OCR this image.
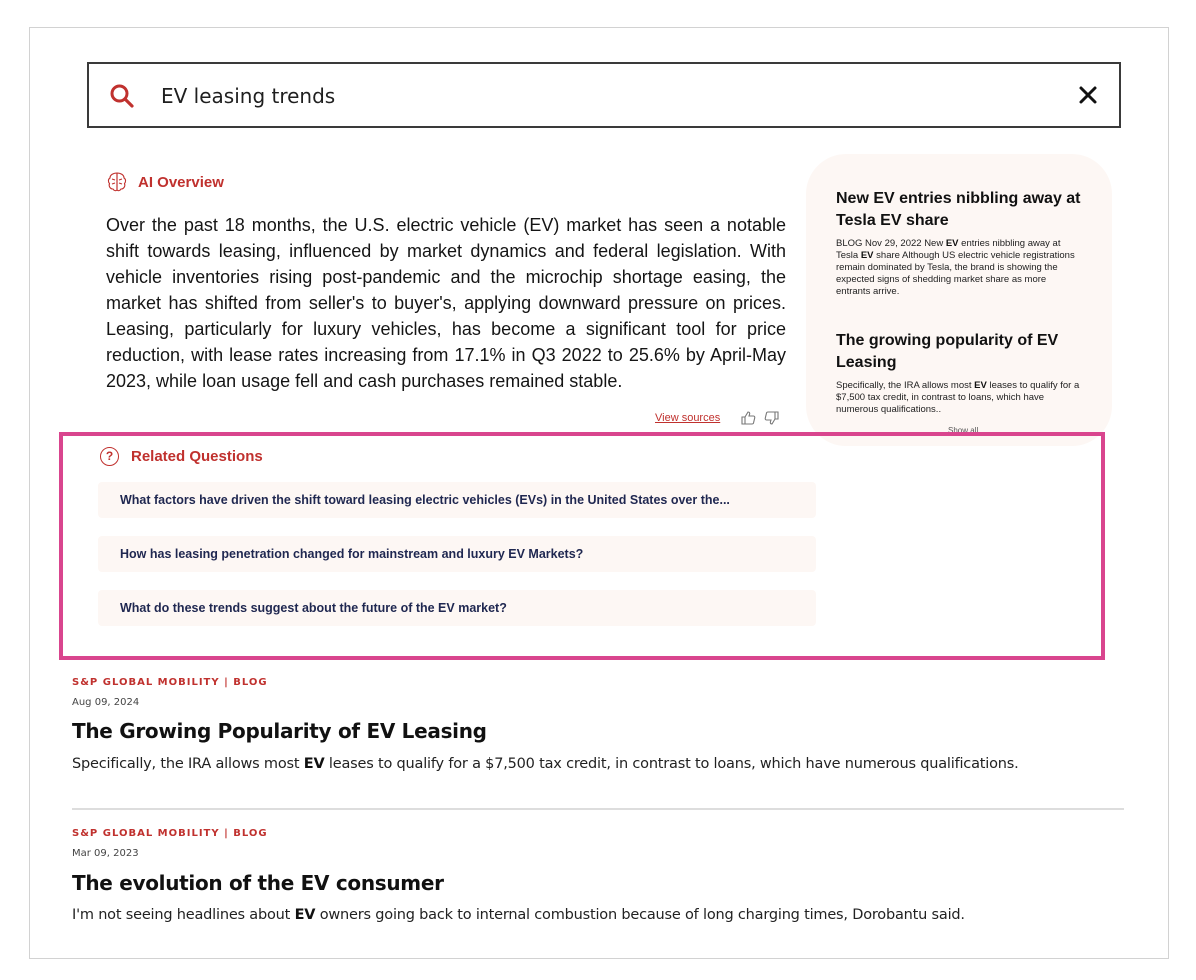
EV leasing trends
AI Overview

Over the past 18 months, the U.S. electric vehicle (EV) market has seen a notable shift towards leasing, influenced by market dynamics and federal legislation. With vehicle inventories rising post-pandemic and the microchip shortage easing, the market has shifted from seller's to buyer's, applying downward pressure on prices. Leasing, particularly for luxury vehicles, has become a significant tool for price reduction, with lease rates increasing from 17.1% in Q3 2022 to 25.6% by April-May 2023, while loan usage fell and cash purchases remained stable.

View sources
New EV entries nibbling away at Tesla EV share
BLOG Nov 29, 2022 New EV entries nibbling away at Tesla EV share Although US electric vehicle registrations remain dominated by Tesla, the brand is showing the expected signs of shedding market share as more entrants arrive.
The growing popularity of EV Leasing
Specifically, the IRA allows most EV leases to qualify for a $7,500 tax credit, in contrast to loans, which have numerous qualifications..
Show all
?	Related Questions
What factors have driven the shift toward leasing electric vehicles (EVs) in the United States over the...
How has leasing penetration changed for mainstream and luxury EV Markets?
What do these trends suggest about the future of the EV market?
S&P GLOBAL MOBILITY | BLOG
Aug 09, 2024
The Growing Popularity of EV Leasing
Specifically, the IRA allows most EV leases to qualify for a $7,500 tax credit, in contrast to loans, which have numerous qualifications.
S&P GLOBAL MOBILITY | BLOG
Mar 09, 2023
The evolution of the EV consumer
I'm not seeing headlines about EV owners going back to internal combustion because of long charging times, Dorobantu said.
